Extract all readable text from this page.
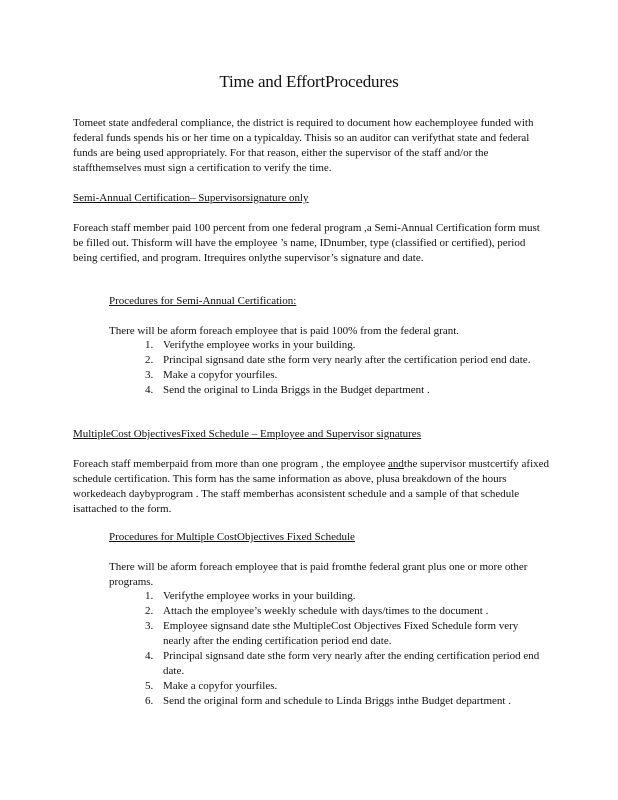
Time and EffortProcedures

Tomeet state andfederal compliance, the district is required to document how eachemployee funded with federal funds spends his or her time on a typicalday. Thisis so an auditor can verifythat state and federal funds are being used appropriately. For that reason, either the supervisor of the staff and/or the staffthemselves must sign a certification to verify the time.

Semi-Annual Certification– Supervisorsignature only

Foreach staff member paid 100 percent from one federal program ,a Semi-Annual Certification form must be filled out. Thisform will have the employee ’s name, IDnumber, type (classified or certified), period being certified, and program. Itrequires onlythe supervisor’s signature and date.

Procedures for Semi-Annual Certification:

There will be aform foreach employee that is paid 100% from the federal grant.

1. Verifythe employee works in your building.
2. Principal signsand date sthe form very nearly after the certification period end date.
3. Make a copyfor yourfiles.
4. Send the original to Linda Briggs in the Budget department .
MultipleCost ObjectivesFixed Schedule – Employee and Supervisor signatures

Foreach staff memberpaid from more than one program , the employee andthe supervisor mustcertify afixed schedule certification. This form has the same information as above, plusa breakdown of the hours workedeach daybyprogram . The staff memberhas aconsistent schedule and a sample of that schedule isattached to the form.

Procedures for Multiple CostObjectives Fixed Schedule

There will be aform foreach employee that is paid fromthe federal grant plus one or more other programs.

1. Verifythe employee works in your building.
2. Attach the employee’s weekly schedule with days/times to the document .
3. Employee signsand date sthe MultipleCost Objectives Fixed Schedule form very nearly after the ending certification period end date.
4. Principal signsand date sthe form very nearly after the ending certification period end date.
5. Make a copyfor yourfiles.
6. Send the original form and schedule to Linda Briggs inthe Budget department .
